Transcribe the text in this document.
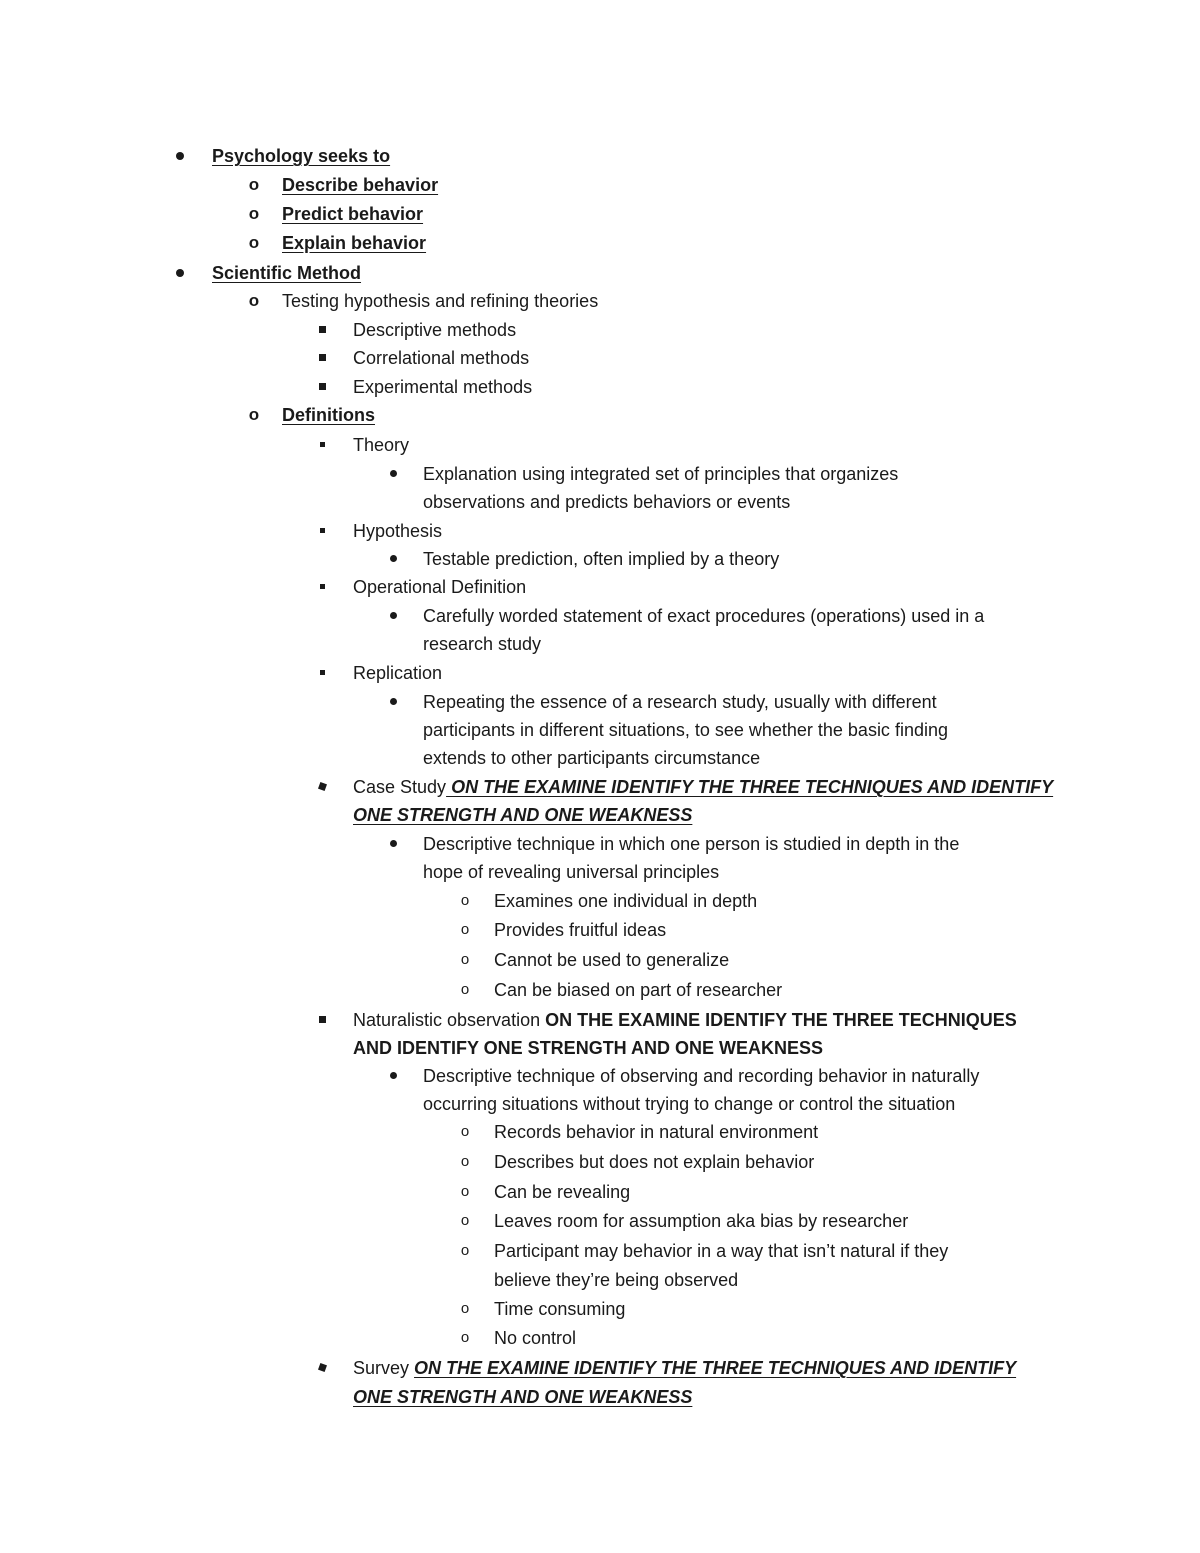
Psychology seeks to
o Describe behavior
o Predict behavior
o Explain behavior
Scientific Method
o Testing hypothesis and refining theories
Descriptive methods
Correlational methods
Experimental methods
o Definitions
Theory
Explanation using integrated set of principles that organizes
observations and predicts behaviors or events
Hypothesis
Testable prediction, often implied by a theory
Operational Definition
Carefully worded statement of exact procedures (operations) used in a
research study
Replication
Repeating the essence of a research study, usually with different
participants in different situations, to see whether the basic finding
extends to other participants circumstance
Case Study ON THE EXAMINE IDENTIFY THE THREE TECHNIQUES AND IDENTIFY
ONE STRENGTH AND ONE WEAKNESS
Descriptive technique in which one person is studied in depth in the
hope of revealing universal principles
o	Examines one individual in depth
o	Provides fruitful ideas
o	Cannot be used to generalize
o	Can be biased on part of researcher
Naturalistic observation ON THE EXAMINE IDENTIFY THE THREE TECHNIQUES
AND IDENTIFY ONE STRENGTH AND ONE WEAKNESS
Descriptive technique of observing and recording behavior in naturally
occurring situations without trying to change or control the situation
o	Records behavior in natural environment
o	Describes but does not explain behavior
o	Can be revealing
o	Leaves room for assumption aka bias by researcher
o	Participant may behavior in a way that isn’t natural if they
believe they’re being observed
o	Time consuming
o	No control
Survey ON THE EXAMINE IDENTIFY THE THREE TECHNIQUES AND IDENTIFY
ONE STRENGTH AND ONE WEAKNESS
